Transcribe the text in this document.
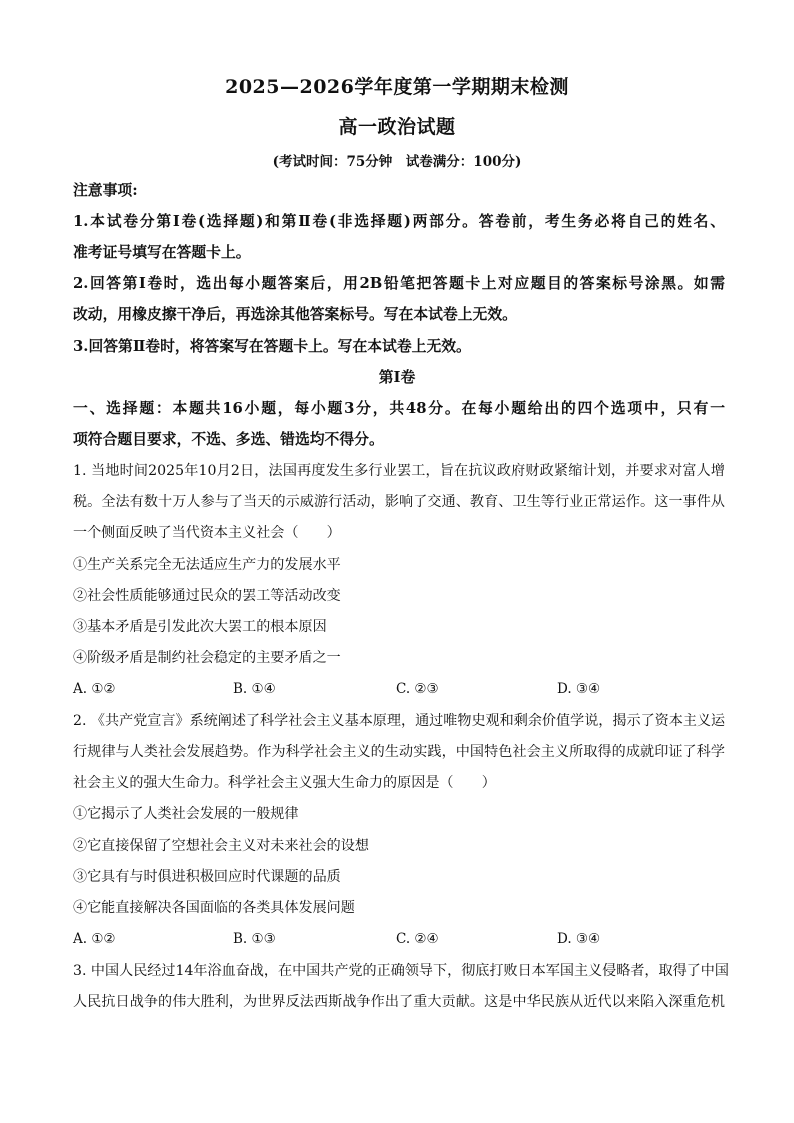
2025—2026学年度第一学期期末检测
高一政治试题
(考试时间：75分钟　试卷满分：100分)
注意事项:
1.本试卷分第Ⅰ卷(选择题)和第Ⅱ卷(非选择题)两部分。答卷前，考生务必将自己的姓名、
准考证号填写在答题卡上。
2.回答第Ⅰ卷时，选出每小题答案后，用2B铅笔把答题卡上对应题目的答案标号涂黑。如需
改动，用橡皮擦干净后，再选涂其他答案标号。写在本试卷上无效。
3.回答第Ⅱ卷时，将答案写在答题卡上。写在本试卷上无效。
第Ⅰ卷
一、选择题：本题共16小题，每小题3分，共48分。在每小题给出的四个选项中，只有一
项符合题目要求，不选、多选、错选均不得分。
1. 当地时间2025年10月2日，法国再度发生多行业罢工，旨在抗议政府财政紧缩计划，并要求对富人增
税。全法有数十万人参与了当天的示威游行活动，影响了交通、教育、卫生等行业正常运作。这一事件从
一个侧面反映了当代资本主义社会（　　）
①生产关系完全无法适应生产力的发展水平
②社会性质能够通过民众的罢工等活动改变
③基本矛盾是引发此次大罢工的根本原因
④阶级矛盾是制约社会稳定的主要矛盾之一
A. ①②	B. ①④	C. ②③	D. ③④
2. 《共产党宣言》系统阐述了科学社会主义基本原理，通过唯物史观和剩余价值学说，揭示了资本主义运
行规律与人类社会发展趋势。作为科学社会主义的生动实践，中国特色社会主义所取得的成就印证了科学
社会主义的强大生命力。科学社会主义强大生命力的原因是（　　）
①它揭示了人类社会发展的一般规律
②它直接保留了空想社会主义对未来社会的设想
③它具有与时俱进积极回应时代课题的品质
④它能直接解决各国面临的各类具体发展问题
A. ①②	B. ①③	C. ②④	D. ③④
3. 中国人民经过14年浴血奋战，在中国共产党的正确领导下，彻底打败日本军国主义侵略者，取得了中国
人民抗日战争的伟大胜利，为世界反法西斯战争作出了重大贡献。这是中华民族从近代以来陷入深重危机
